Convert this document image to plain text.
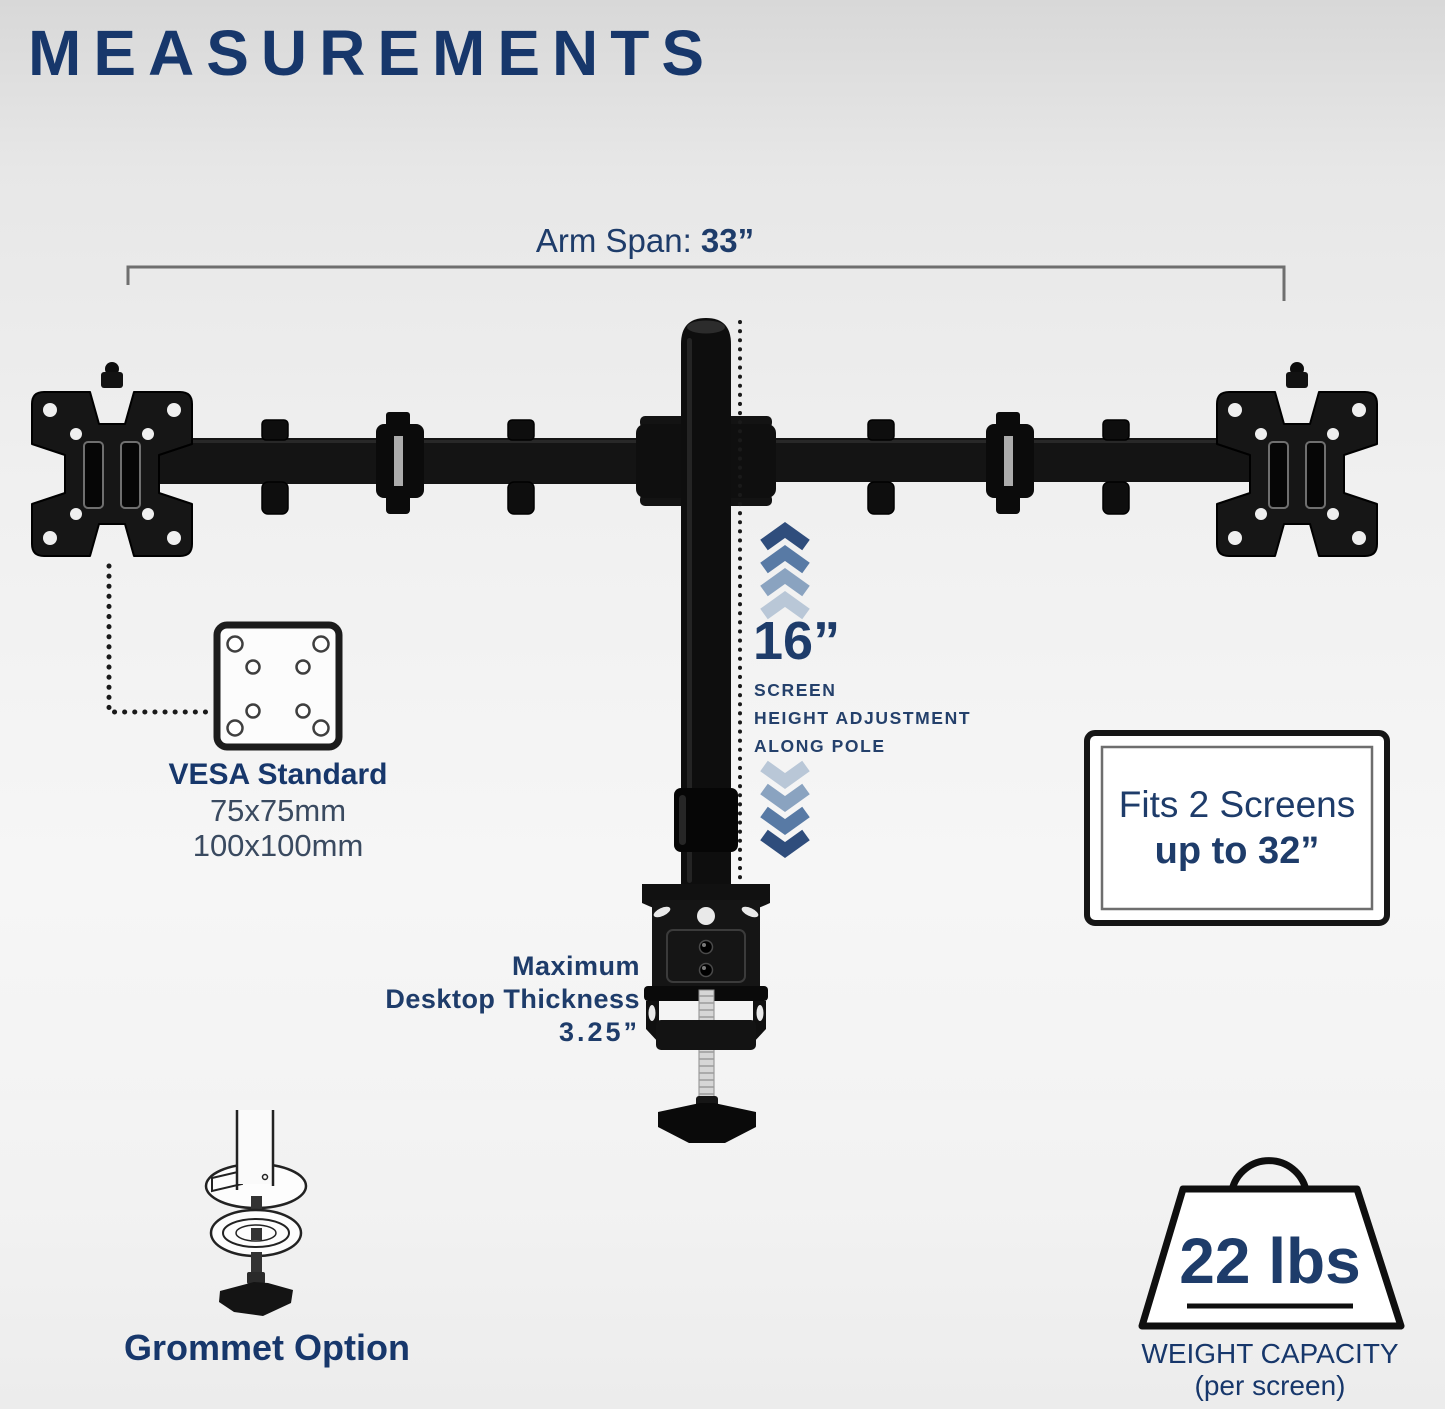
MEASUREMENTS
Arm Span: 33”
16”
SCREEN
HEIGHT ADJUSTMENT
ALONG POLE
VESA Standard
75x75mm
100x100mm
Fits 2 Screens
up to 32”
Maximum
Desktop Thickness
3.25”
Grommet Option
22 lbs
WEIGHT CAPACITY
(per screen)
